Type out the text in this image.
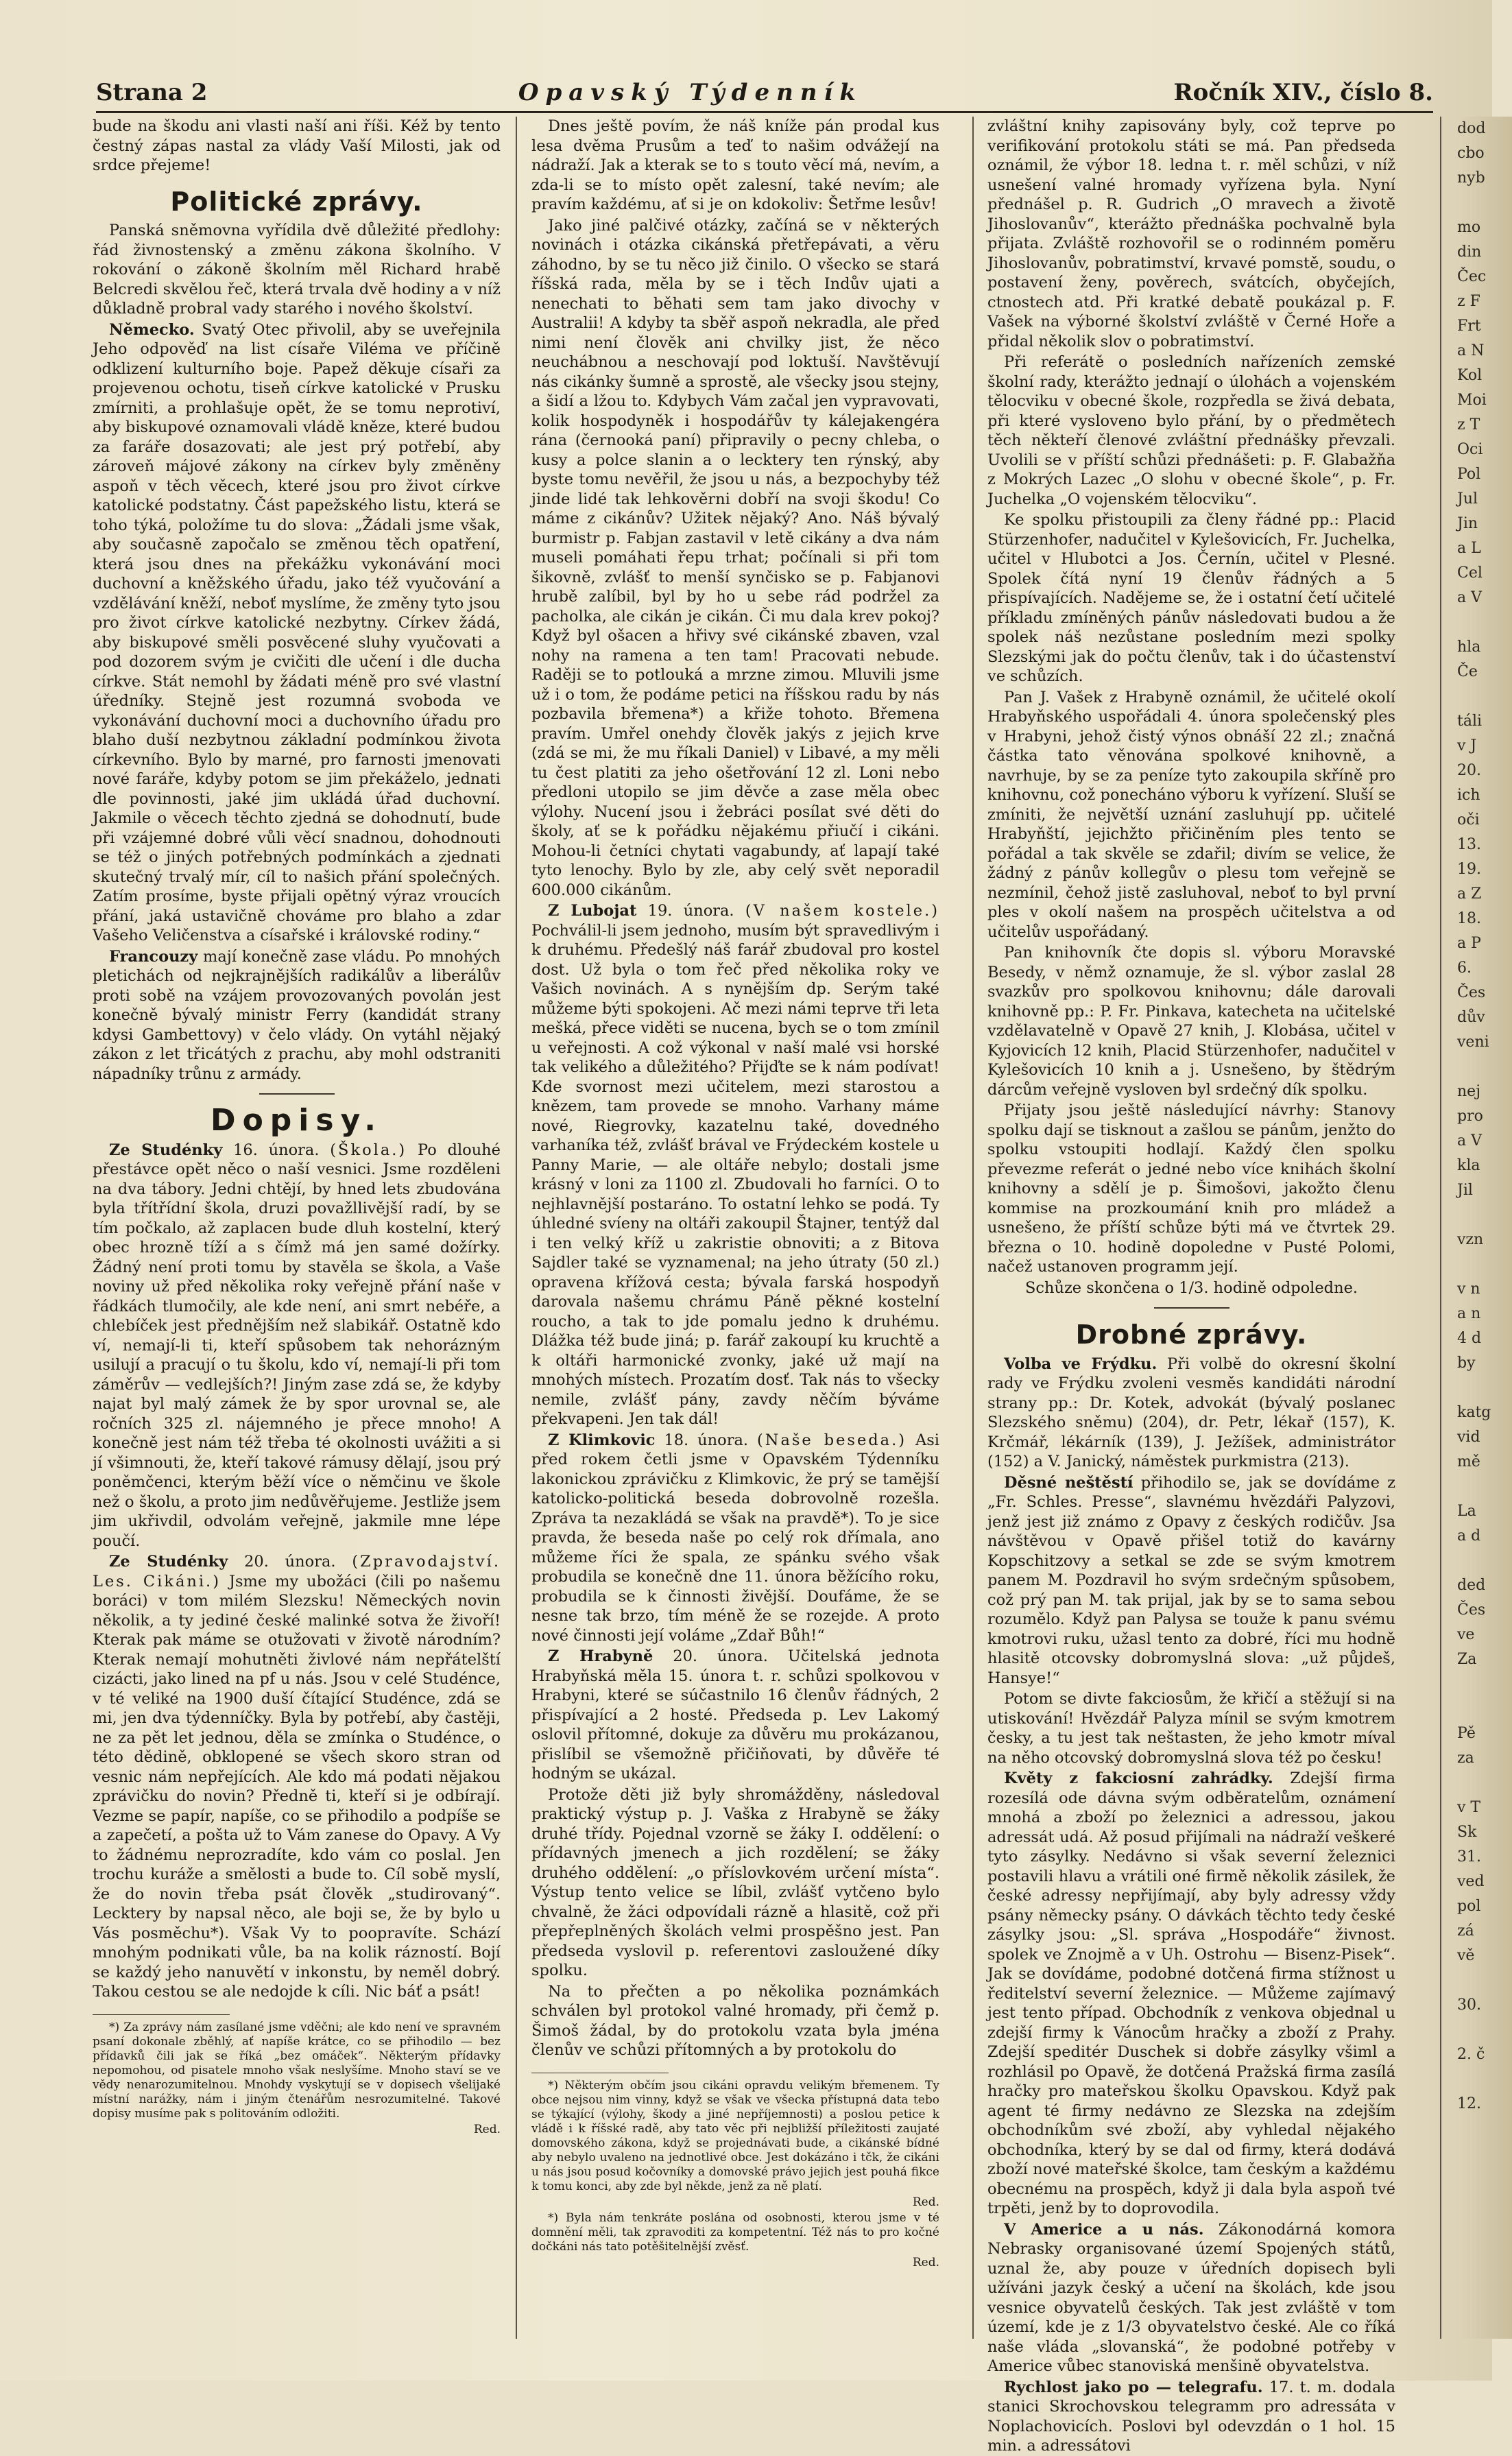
Strana 2	Opavský Týdenník	Ročník XIV., číslo 8.

bude na škodu ani vlasti naší ani říši. Kéž by tento čestný zápas nastal za vlády Vaší Milosti, jak od srdce přejeme!

Politické zprávy.

Panská sněmovna vyřídila dvě důležité předlohy: řád živnostenský a změnu zákona školního. V rokování o zákoně školním měl Richard hrabě Belcredi skvělou řeč, která trvala dvě hodiny a v níž důkladně probral vady starého i nového školství.

Německo. Svatý Otec přivolil, aby se uveřejnila Jeho odpověď na list císaře Viléma ve příčině odklizení kulturního boje. Papež děkuje císaři za projevenou ochotu, tiseň církve katolické v Prusku zmírniti, a prohlašuje opět, že se tomu neprotiví, aby biskupové oznamovali vládě kněze, které budou za faráře dosazovati; ale jest prý potřebí, aby zároveň májové zákony na církev byly změněny aspoň v těch věcech, které jsou pro život církve katolické podstatny. Část papežského listu, která se toho týká, položíme tu do slova: „Žádali jsme však, aby současně započalo se změnou těch opatření, která jsou dnes na překážku vykonávání moci duchovní a kněžského úřadu, jako též vyučování a vzdělávání kněží, neboť myslíme, že změny tyto jsou pro život církve katolické nezbytny. Církev žádá, aby biskupové směli posvěcené sluhy vyučovati a pod dozorem svým je cvičiti dle učení i dle ducha církve. Stát nemohl by žádati méně pro své vlastní úředníky. Stejně jest rozumná svoboda ve vykonávání duchovní moci a duchovního úřadu pro blaho duší nezbytnou základní podmínkou života církevního. Bylo by marné, pro farnosti jmenovati nové faráře, kdyby potom se jim překáželo, jednati dle povinnosti, jaké jim ukládá úřad duchovní. Jakmile o věcech těchto zjedná se dohodnutí, bude při vzájemné dobré vůli věcí snadnou, dohodnouti se též o jiných potřebných podmínkách a zjednati skutečný trvalý mír, cíl to našich přání společných. Zatím prosíme, byste přijali opětný výraz vroucích přání, jaká ustavičně chováme pro blaho a zdar Vašeho Veličenstva a císařské i královské rodiny.“

Francouzy mají konečně zase vládu. Po mnohých pletichách od nejkrajnějších radikálův a liberálův proti sobě na vzájem provozovaných povolán jest konečně bývalý ministr Ferry (kandidát strany kdysi Gambettovy) v čelo vlády. On vytáhl nějaký zákon z let třicátých z prachu, aby mohl odstraniti nápadníky trůnu z armády.

Dopisy.

Ze Studénky 16. února. (Škola.) Po dlouhé přestávce opět něco o naší vesnici. Jsme rozděleni na dva tábory. Jedni chtějí, by hned lets zbudována byla třítřídní škola, druzi považllivější radí, by se tím počkalo, až zaplacen bude dluh kostelní, který obec hrozně tíží a s čímž má jen samé dožírky. Žádný není proti tomu by stavěla se škola, a Vaše noviny už před několika roky veřejně přání naše v řádkách tlumočily, ale kde není, ani smrt nebéře, a chlebíček jest přednějším než slabikář. Ostatně kdo ví, nemají-li ti, kteří spůsobem tak nehorázným usilují a pracují o tu školu, kdo ví, nemají-li při tom záměrův — vedlejších?! Jiným zase zdá se, že kdyby najat byl malý zámek že by spor urovnal se, ale ročních 325 zl. nájemného je přece mnoho! A konečně jest nám též třeba té okolnosti uvážiti a si jí všimnouti, že, kteří takové rámusy dělají, jsou prý poněmčenci, kterým běží více o němčinu ve škole než o školu, a proto jim nedůvěřujeme. Jestliže jsem jim ukřivdil, odvolám veřejně, jakmile mne lépe poučí.

Ze Studénky 20. února. (Zpravodajství. Les. Cikáni.) Jsme my ubožáci (čili po našemu boráci) v tom milém Slezsku! Německých novin několik, a ty jediné české malinké sotva že živoří! Kterak pak máme se otužovati v životě národním? Kterak nemají mohutněti živlové nám nepřátelští cizácti, jako lined na pf u nás. Jsou v celé Studénce, v té veliké na 1900 duší čítající Studénce, zdá se mi, jen dva týdenníčky. Byla by potřebí, aby častěji, ne za pět let jednou, děla se zmínka o Studénce, o této dědině, obklopené se všech skoro stran od vesnic nám nepřejících. Ale kdo má podati nějakou zprávičku do novin? Předně ti, kteří si je odbírají. Vezme se papír, napíše, co se přihodilo a podpíše se a zapečetí, a pošta už to Vám zanese do Opavy. A Vy to žádnému neprozradíte, kdo vám co poslal. Jen trochu kuráže a smělosti a bude to. Cíl sobě myslí, že do novin třeba psát člověk „studirovaný“. Lecktery by napsal něco, ale boji se, že by bylo u Vás posměchu*). Však Vy to poopravíte. Schází mnohým podnikati vůle, ba na kolik rázností. Bojí se každý jeho nanuvětí v inkonstu, by neměl dobrý. Takou cestou se ale nedojde k cíli. Nic báť a psát!

*) Za zprávy nám zasílané jsme vděčni; ale kdo není ve spravném psaní dokonale zběhlý, ať napíše krátce, co se přihodilo — bez přídavků čili jak se říká „bez omáček“. Některým přídavky nepomohou, od pisatele mnoho však neslyšíme. Mnoho staví se ve vědy nenarozumitelnou. Mnohdy vyskytují se v dopisech všelijaké místní narážky, nám i jiným čtenářům nesrozumitelné. Takové dopisy musíme pak s politováním odložiti.

Red.

Dnes ještě povím, že náš kníže pán prodal kus lesa dvěma Prusům a teď to našim odvážejí na nádraží. Jak a kterak se to s touto věcí má, nevím, a zda-li se to místo opět zalesní, také nevím; ale pravím každému, ať si je on kdokoliv: Šetřme lesův!

Jako jiné palčivé otázky, začíná se v některých novinách i otázka cikánská přetřepávati, a věru záhodno, by se tu něco již činilo. O všecko se stará říšská rada, měla by se i těch Indův ujati a nenechati to běhati sem tam jako divochy v Australii! A kdyby ta sběř aspoň nekradla, ale před nimi není člověk ani chvilky jist, že něco neuchábnou a neschovají pod loktuší. Navštěvují nás cikánky šumně a sprostě, ale všecky jsou stejny, a šidí a lžou to. Kdybych Vám začal jen vypravovati, kolik hospodyněk i hospodářův ty kálejakengéra rána (černooká paní) připravily o pecny chleba, o kusy a polce slanin a o lecktery ten rýnský, aby byste tomu nevěřil, že jsou u nás, a bezpochyby též jinde lidé tak lehkověrni dobří na svoji škodu! Co máme z cikánův? Užitek nějaký? Ano. Náš bývalý burmistr p. Fabjan zastavil v letě cikány a dva nám museli pomáhati řepu trhat; počínali si při tom šikovně, zvlášť to menší synčisko se p. Fabjanovi hrubě zalíbil, byl by ho u sebe rád podržel za pacholka, ale cikán je cikán. Či mu dala krev pokoj? Když byl ošacen a hřivy své cikánské zbaven, vzal nohy na ramena a ten tam! Pracovati nebude. Raději se to potlouká a mrzne zimou. Mluvili jsme už i o tom, že podáme petici na říšskou radu by nás pozbavila břemena*) a křiže tohoto. Břemena pravím. Umřel onehdy člověk jakýs z jejich krve (zdá se mi, že mu říkali Daniel) v Libavé, a my měli tu čest platiti za jeho ošetřování 12 zl. Loni nebo předloni utopilo se jim děvče a zase měla obec výlohy. Nucení jsou i žebráci posílat své děti do školy, ať se k pořádku nějakému přiučí i cikáni. Mohou-li četníci chytati vagabundy, ať lapají také tyto lenochy. Bylo by zle, aby celý svět neporadil 600.000 cikánům.

Z Lubojat 19. února. (V našem kostele.) Pochválil-li jsem jednoho, musím být spravedlivým i k druhému. Předešlý náš farář zbudoval pro kostel dost. Už byla o tom řeč před několika roky ve Vašich novinách. A s nynějším dp. Serým také můžeme býti spokojeni. Ač mezi námi teprve tři leta mešká, přece viděti se nucena, bych se o tom zmínil u veřejnosti. A což výkonal v naší malé vsi horské tak velikého a důležitého? Přijďte se k nám podívat! Kde svornost mezi učitelem, mezi starostou a knězem, tam provede se mnoho. Varhany máme nové, Riegrovky, kazatelnu také, dovedného varhaníka též, zvlášť brával ve Frýdeckém kostele u Panny Marie, — ale oltáře nebylo; dostali jsme krásný v loni za 1100 zl. Zbudovali ho farníci. O to nejhlavnější postaráno. To ostatní lehko se podá. Ty úhledné svíeny na oltáři zakoupil Štajner, tentýž dal i ten velký kříž u zakristie obnoviti; a z Bitova Sajdler také se vyznamenal; na jeho útraty (50 zl.) opravena křížová cesta; bývala farská hospodyň darovala našemu chrámu Páně pěkné kostelní roucho, a tak to jde pomalu jedno k druhému. Dlážka též bude jiná; p. farář zakoupí ku kruchtě a k oltáři harmonické zvonky, jaké už mají na mnohých místech. Prozatím dosť. Tak nás to všecky nemile, zvlášť pány, zavdy něčím býváme překvapeni. Jen tak dál!

Z Klimkovic 18. února. (Naše beseda.) Asi před rokem četli jsme v Opavském Týdenníku lakonickou zprávičku z Klimkovic, že prý se tamější katolicko-politická beseda dobrovolně rozešla. Zpráva ta nezakládá se však na pravdě*). To je sice pravda, že beseda naše po celý rok dřímala, ano můžeme říci že spala, ze spánku svého však probudila se konečně dne 11. února běžícího roku, probudila se k činnosti živější. Doufáme, že se nesne tak brzo, tím méně že se rozejde. A proto nové činnosti její voláme „Zdař Bůh!“

Z Hrabyně 20. února. Učitelská jednota Hrabyňská měla 15. února t. r. schůzi spolkovou v Hrabyni, které se súčastnilo 16 členův řádných, 2 přispívající a 2 hosté. Předseda p. Lev Lakomý oslovil přítomné, dokuje za důvěru mu prokázanou, přislíbil se všemožně přičiňovati, by důvěře té hodným se ukázal.

Protože děti již byly shromážděny, následoval praktický výstup p. J. Vaška z Hrabyně se žáky druhé třídy. Pojednal vzorně se žáky I. oddělení: o přídavných jmenech a jich rozdělení; se žáky druhého oddělení: „o příslovkovém určení místa“. Výstup tento velice se líbil, zvlášť vytčeno bylo chvalně, že žáci odpovídali rázně a hlasitě, což při přepřeplněných školách velmi prospěšno jest. Pan předseda vyslovil p. referentovi zasloužené díky spolku.

Na to přečten a po několika poznámkách schválen byl protokol valné hromady, při čemž p. Šimoš žádal, by do protokolu vzata byla jména členův ve schůzi přítomných a by protokolu do

*) Některým občím jsou cikáni opravdu velikým břemenem. Ty obce nejsou nim vinny, když se však ve všecka přístupná data tebo se týkající (výlohy, škody a jiné nepříjemnosti) a poslou petice k vládě i k říšské radě, aby tato věc při nejbližší příležitosti zaujaté domovského zákona, když se projednávati bude, a cikánské bídné aby nebylo uvaleno na jednotlivé obce. Jest dokázáno i tčk, že cikáni u nás jsou posud kočovníky a domovské právo jejich jest pouhá fikce k tomu konci, aby zde byl někde, jenž za ně platí.

Red.

*) Byla nám tenkráte poslána od osobnosti, kterou jsme v té domnění měli, tak zpravoditi za kompetentní. Též nás to pro kočné dočkáni nás tato potěšitelnější zvěsť.

Red.

zvláštní knihy zapisovány byly, což teprve po verifikování protokolu státi se má. Pan předseda oznámil, že výbor 18. ledna t. r. měl schůzi, v níž usnešení valné hromady vyřízena byla. Nyní přednášel p. R. Gudrich „O mravech a životě Jihoslovanův“, kterážto přednáška pochvalně byla přijata. Zvláště rozhovořil se o rodinném poměru Jihoslovanův, pobratimství, krvavé pomstě, soudu, o postavení ženy, pověrech, svátcích, obyčejích, ctnostech atd. Při kratké debatě poukázal p. F. Vašek na výborné školství zvláště v Černé Hoře a přidal několik slov o pobratimství.

Při referátě o posledních nařízeních zemské školní rady, kterážto jednají o úlohách a vojenském tělocviku v obecné škole, rozpředla se živá debata, při které vysloveno bylo přání, by o předmětech těch někteří členové zvláštní přednášky převzali. Uvolili se v příští schůzi přednášeti: p. F. Glabažňa z Mokrých Lazec „O slohu v obecné škole“, p. Fr. Juchelka „O vojenském tělocviku“.

Ke spolku přistoupili za členy řádné pp.: Placid Stürzenhofer, nadučitel v Kylešovicích, Fr. Juchelka, učitel v Hlubotci a Jos. Černín, učitel v Plesné. Spolek čítá nyní 19 členův řádných a 5 přispívajících. Nadějeme se, že i ostatní četí učitelé příkladu zmíněných pánův následovati budou a že spolek náš nezůstane posledním mezi spolky Slezskými jak do počtu členův, tak i do účastenství ve schůzích.

Pan J. Vašek z Hrabyně oznámil, že učitelé okolí Hrabyňského uspořádali 4. února společenský ples v Hrabyni, jehož čistý výnos obnáší 22 zl.; značná částka tato věnována spolkové knihovně, a navrhuje, by se za peníze tyto zakoupila skříně pro knihovnu, což ponecháno výboru k vyřízení. Sluší se zmíniti, že největší uznání zasluhují pp. učitelé Hrabyňští, jejichžto přičiněním ples tento se pořádal a tak skvěle se zdařil; divím se velice, že žádný z pánův kollegův o plesu tom veřejně se nezmínil, čehož jistě zasluhoval, neboť to byl první ples v okolí našem na prospěch učitelstva a od učitelův uspořádaný.

Pan knihovník čte dopis sl. výboru Moravské Besedy, v němž oznamuje, že sl. výbor zaslal 28 svazkův pro spolkovou knihovnu; dále darovali knihovně pp.: P. Fr. Pinkava, katecheta na učitelské vzdělavatelně v Opavě 27 knih, J. Klobása, učitel v Kyjovicích 12 knih, Placid Stürzenhofer, nadučitel v Kylešovicích 10 knih a j. Usnešeno, by štědrým dárcům veřejně vysloven byl srdečný dík spolku.

Přijaty jsou ještě následující návrhy: Stanovy spolku dají se tisknout a zašlou se pánům, jenžto do spolku vstoupiti hodlají. Každý člen spolku převezme referát o jedné nebo více knihách školní knihovny a sdělí je p. Šimošovi, jakožto členu kommise na prozkoumání knih pro mládež a usnešeno, že příští schůze býti má ve čtvrtek 29. března o 10. hodině dopoledne v Pusté Polomi, načež ustanoven programm její.

Schůze skončena o 1/3. hodině odpoledne.

Drobné zprávy.

Volba ve Frýdku. Při volbě do okresní školní rady ve Frýdku zvoleni vesměs kandidáti národní strany pp.: Dr. Kotek, advokát (bývalý poslanec Slezského sněmu) (204), dr. Petr, lékař (157), K. Krčmář, lékárník (139), J. Ježíšek, administrátor (152) a V. Janický, náměstek purkmistra (213).

Děsné neštěstí přihodilo se, jak se dovídáme z „Fr. Schles. Presse“, slavnému hvězdáři Palyzovi, jenž jest již známo z Opavy z českých rodičův. Jsa návštěvou v Opavě přišel totiž do kavárny Kopschitzovy a setkal se zde se svým kmotrem panem M. Pozdravil ho svým srdečným spůsobem, což prý pan M. tak prijal, jak by se to sama sebou rozumělo. Když pan Palysa se touže k panu svému kmotrovi ruku, užasl tento za dobré, říci mu hodně hlasitě otcovsky dobromyslná slova: „už půjdeš, Hansye!“

Potom se divte fakciosům, že křičí a stěžují si na utiskování! Hvězdář Palyza mínil se svým kmotrem česky, a tu jest tak neštasten, že jeho kmotr míval na něho otcovský dobromyslná slova též po česku!

Květy z fakciosní zahrádky. Zdejší firma rozesílá ode dávna svým odběratelům, oznámení mnohá a zboží po železnici a adressou, jakou adressát udá. Až posud přijímali na nádraží veškeré tyto zásylky. Nedávno si však severní železnici postavili hlavu a vrátili oné firmě několik zásilek, že české adressy nepřijímají, aby byly adressy vždy psány německy psány. O dávkách těchto tedy české zásylky jsou: „Sl. správa „Hospodáře“ živnost. spolek ve Znojmě a v Uh. Ostrohu — Bisenz-Pisek“. Jak se dovídáme, podobné dotčená firma stížnost u ředitelství severní železnice. — Můžeme zajímavý jest tento případ. Obchodník z venkova objednal u zdejší firmy k Vánocům hračky a zboží z Prahy. Zdejší speditér Duschek si dobře zásylky všiml a rozhlásil po Opavě, že dotčená Pražská firma zasílá hračky pro mateřskou školku Opavskou. Když pak agent té firmy nedávno ze Slezska na zdejším obchodníkům své zboží, aby vyhledal nějakého obchodníka, který by se dal od firmy, která dodává zboží nové mateřské školce, tam českým a každému obecnému na prospěch, když ji dala byla aspoň tvé trpěti, jenž by to doprovodila.

V Americe a u nás. Zákonodárná komora Nebrasky organisované území Spojených států, uznal že, aby pouze v úředních dopisech byli užíváni jazyk český a učení na školách, kde jsou vesnice obyvatelů českých. Tak jest zvláště v tom území, kde je z 1/3 obyvatelstvo české. Ale co říká naše vláda „slovanská“, že podobné potřeby v Americe vůbec stanoviská menšině obyvatelstva.

Rychlost jako po — telegrafu. 17. t. m. dodala stanici Skrochovskou telegramm pro adressáta v Noplachovicích. Poslovi byl odevzdán o 1 hol. 15 min. a adressátovi

dod
cbo
nyb

mo
din
Čec
z F
Frt
a N
Kol
Moi
z T
Oci
Pol
Jul
Jin
a L
Cel
a V

hla
Če

táli
v J
20.
ich
oči
13.
19.
a Z
18.
a P
6.
Čes
dův
veni

nej
pro
a V
kla
Jil

vzn

v n
a n
4 d
by

katg
vid
mě

La
a d

ded
Čes
ve
Za

Pě
za

v T
Sk
31.
ved
pol
zá
vě

30.

2. č

12.
